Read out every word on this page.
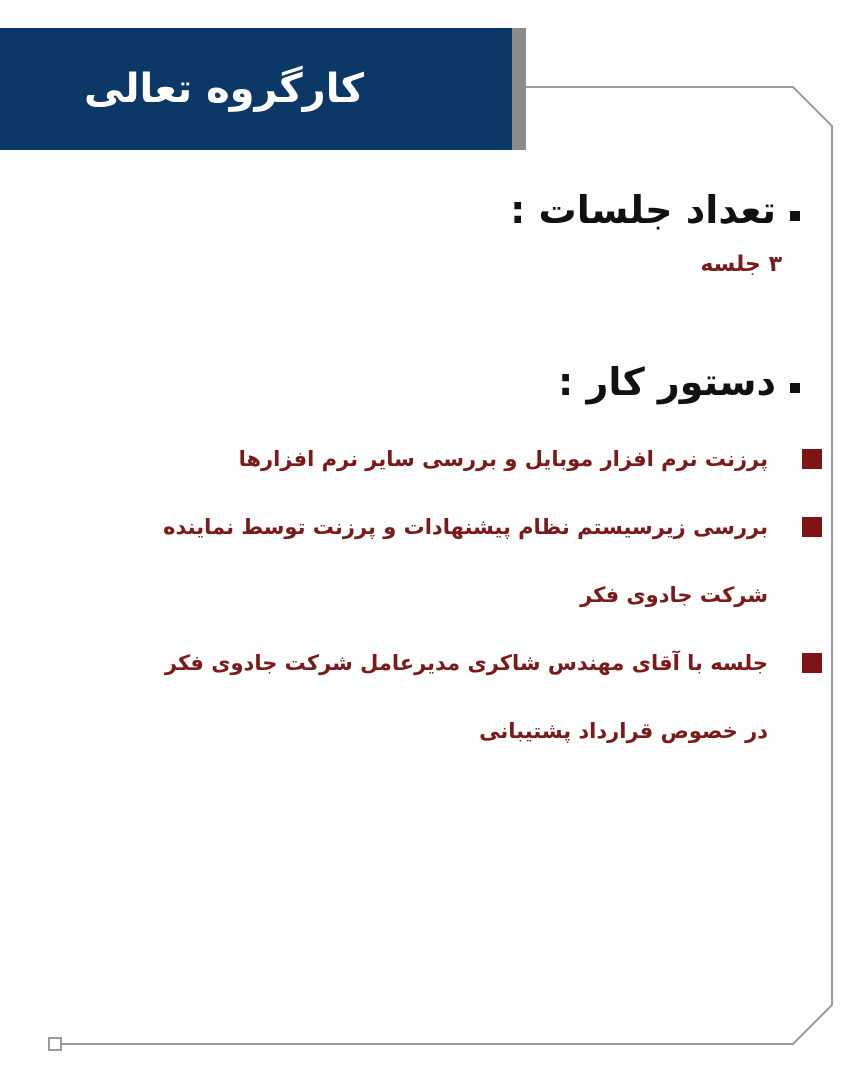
کارگروه تعالی
تعداد جلسات :
۳ جلسه
دستور کار :
پرزنت نرم افزار موبایل و بررسی سایر نرم افزارها
بررسی زیرسیستم نظام پیشنهادات و پرزنت توسط نماینده
شرکت جادوی فکر
جلسه با آقای مهندس شاکری مدیرعامل شرکت جادوی فکر
در خصوص قرارداد پشتیبانی
